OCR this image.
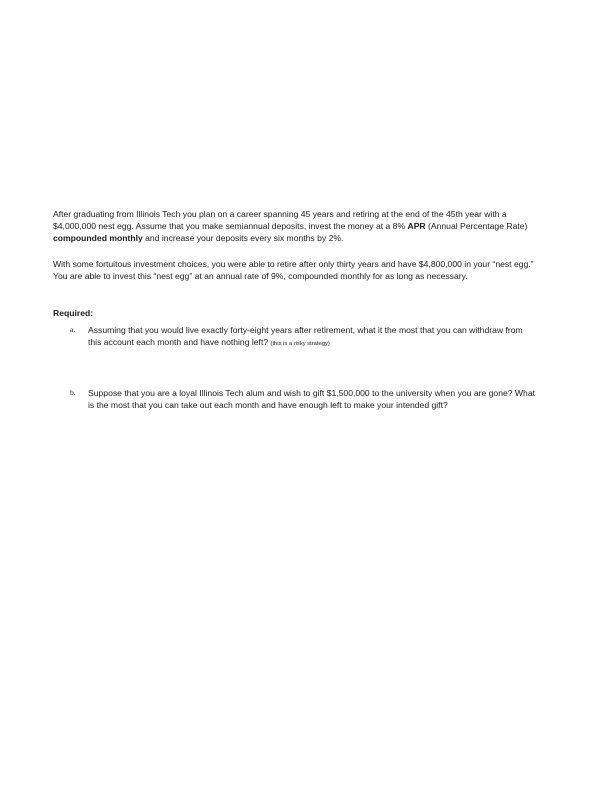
After graduating from Illinois Tech you plan on a career spanning 45 years and retiring at the end of the 45th year with a $4,000,000 nest egg. Assume that you make semiannual deposits, invest the money at a 8% APR (Annual Percentage Rate) compounded monthly and increase your deposits every six months by 2%.
With some fortuitous investment choices, you were able to retire after only thirty years and have $4,800,000 in your “nest egg.” You are able to invest this “nest egg” at an annual rate of 9%, compounded monthly for as long as necessary.
Required:
a. Assuming that you would live exactly forty-eight years after retirement, what it the most that you can withdraw from this account each month and have nothing left? (this is a risky strategy)
b. Suppose that you are a loyal Illinois Tech alum and wish to gift $1,500,000 to the university when you are gone? What is the most that you can take out each month and have enough left to make your intended gift?
